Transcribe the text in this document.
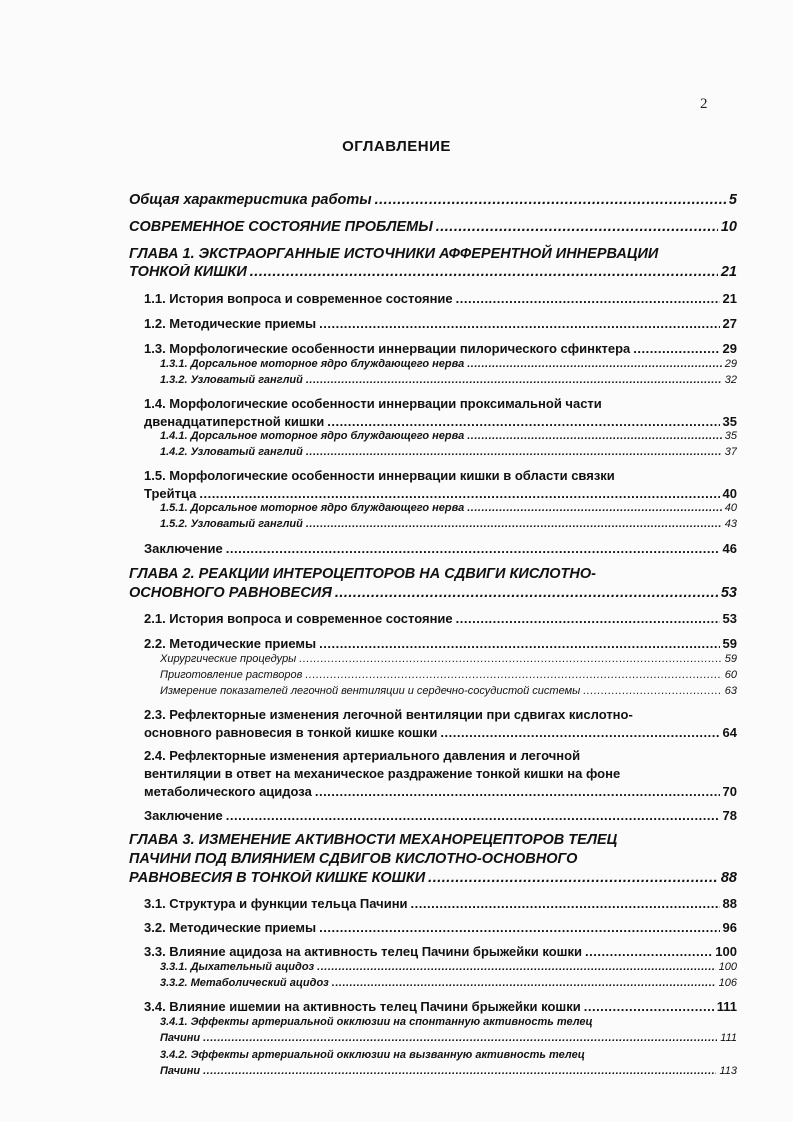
2
ОГЛАВЛЕНИЕ
Общая характеристика работы .....	5
СОВРЕМЕННОЕ СОСТОЯНИЕ ПРОБЛЕМЫ .....	10
ГЛАВА 1. ЭКСТРАОРГАННЫЕ ИСТОЧНИКИ АФФЕРЕНТНОЙ ИННЕРВАЦИИ
ТОНКОЙ КИШКИ .....	21
1.1. История вопроса и современное состояние .....	21
1.2. Методические приемы .....	27
1.3. Морфологические особенности иннервации пилорического сфинктера .....	29
1.3.1. Дорсальное моторное ядро блуждающего нерва .....	29
1.3.2. Узловатый ганглий .....	32
1.4. Морфологические особенности иннервации проксимальной части
двенадцатиперстной кишки .....	35
1.4.1. Дорсальное моторное ядро блуждающего нерва .....	35
1.4.2. Узловатый ганглий .....	37
1.5. Морфологические особенности иннервации кишки в области связки
Трейтца .....	40
1.5.1. Дорсальное моторное ядро блуждающего нерва .....	40
1.5.2. Узловатый ганглий .....	43
Заключение .....	46
ГЛАВА 2. РЕАКЦИИ ИНТЕРОЦЕПТОРОВ НА СДВИГИ КИСЛОТНО-
ОСНОВНОГО РАВНОВЕСИЯ .....	53
2.1. История вопроса и современное состояние .....	53
2.2. Методические приемы .....	59
Хирургические процедуры .....	59
Приготовление растворов .....	60
Измерение показателей легочной вентиляции и сердечно-сосудистой системы .....	63
2.3. Рефлекторные изменения легочной вентиляции при сдвигах кислотно-
основного равновесия в тонкой кишке кошки .....	64
2.4. Рефлекторные изменения артериального давления и легочной
вентиляции в ответ на механическое раздражение тонкой кишки на фоне
метаболического ацидоза .....	70
Заключение .....	78
ГЛАВА 3. ИЗМЕНЕНИЕ АКТИВНОСТИ МЕХАНОРЕЦЕПТОРОВ ТЕЛЕЦ
ПАЧИНИ ПОД ВЛИЯНИЕМ СДВИГОВ КИСЛОТНО-ОСНОВНОГО
РАВНОВЕСИЯ В ТОНКОЙ КИШКЕ КОШКИ .....	88
3.1. Структура и функции тельца Пачини .....	88
3.2. Методические приемы .....	96
3.3. Влияние ацидоза на активность телец Пачини брыжейки кошки .....	100
3.3.1. Дыхательный ацидоз .....	100
3.3.2. Метаболический ацидоз .....	106
3.4. Влияние ишемии на активность телец Пачини брыжейки кошки .....	111
3.4.1. Эффекты артериальной окклюзии на спонтанную активность телец
Пачини .....	111
3.4.2. Эффекты артериальной окклюзии на вызванную активность телец
Пачини .....	113
